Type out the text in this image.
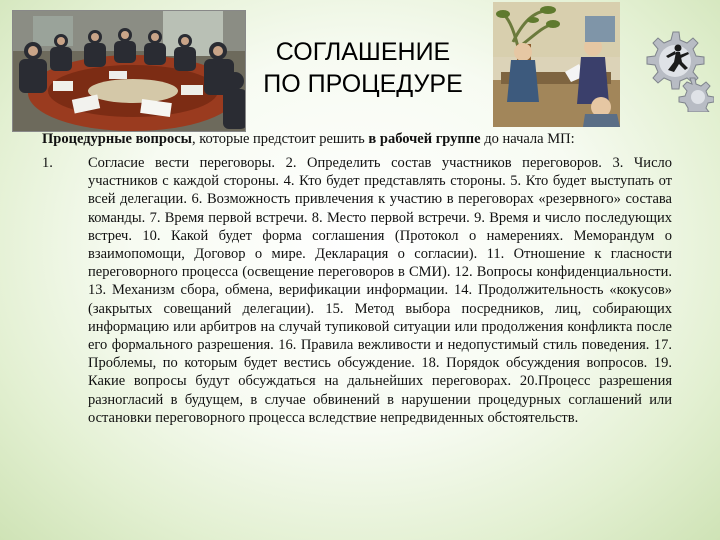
СОГЛАШЕНИЕ
ПО ПРОЦЕДУРЕ

Процедурные вопросы, которые предстоит решить в рабочей группе до начала МП:

1.	Согласие вести переговоры. 2. Определить состав участников переговоров. 3. Число участников с каждой стороны. 4. Кто будет представлять стороны. 5. Кто будет выступать от всей делегации. 6. Возможность привлечения к участию в переговорах «резервного» состава команды. 7. Время первой встречи. 8. Место первой встречи. 9. Время и число последующих встреч. 10. Какой будет форма соглашения (Протокол о намерениях. Меморандум о взаимопомощи, Договор о мире. Декларация о согласии). 11. Отношение к гласности переговорного процесса (освещение переговоров в СМИ). 12. Вопросы конфиденциальности. 13. Механизм сбора, обмена, верификации информации. 14. Продолжительность «кокусов» (закрытых совещаний делегации). 15. Метод выбора посредников, лиц, собирающих информацию или арбитров на случай тупиковой ситуации или продолжения конфликта после его формального разрешения. 16. Правила вежливости и недопустимый стиль поведения. 17. Проблемы, по которым будет вестись обсуждение. 18. Порядок обсуждения вопросов. 19. Какие вопросы будут обсуждаться на дальнейших переговорах. 20.Процесс разрешения разногласий в будущем, в случае обвинений в нарушении процедурных соглашений или остановки переговорного процесса вследствие непредвиденных обстоятельств.
